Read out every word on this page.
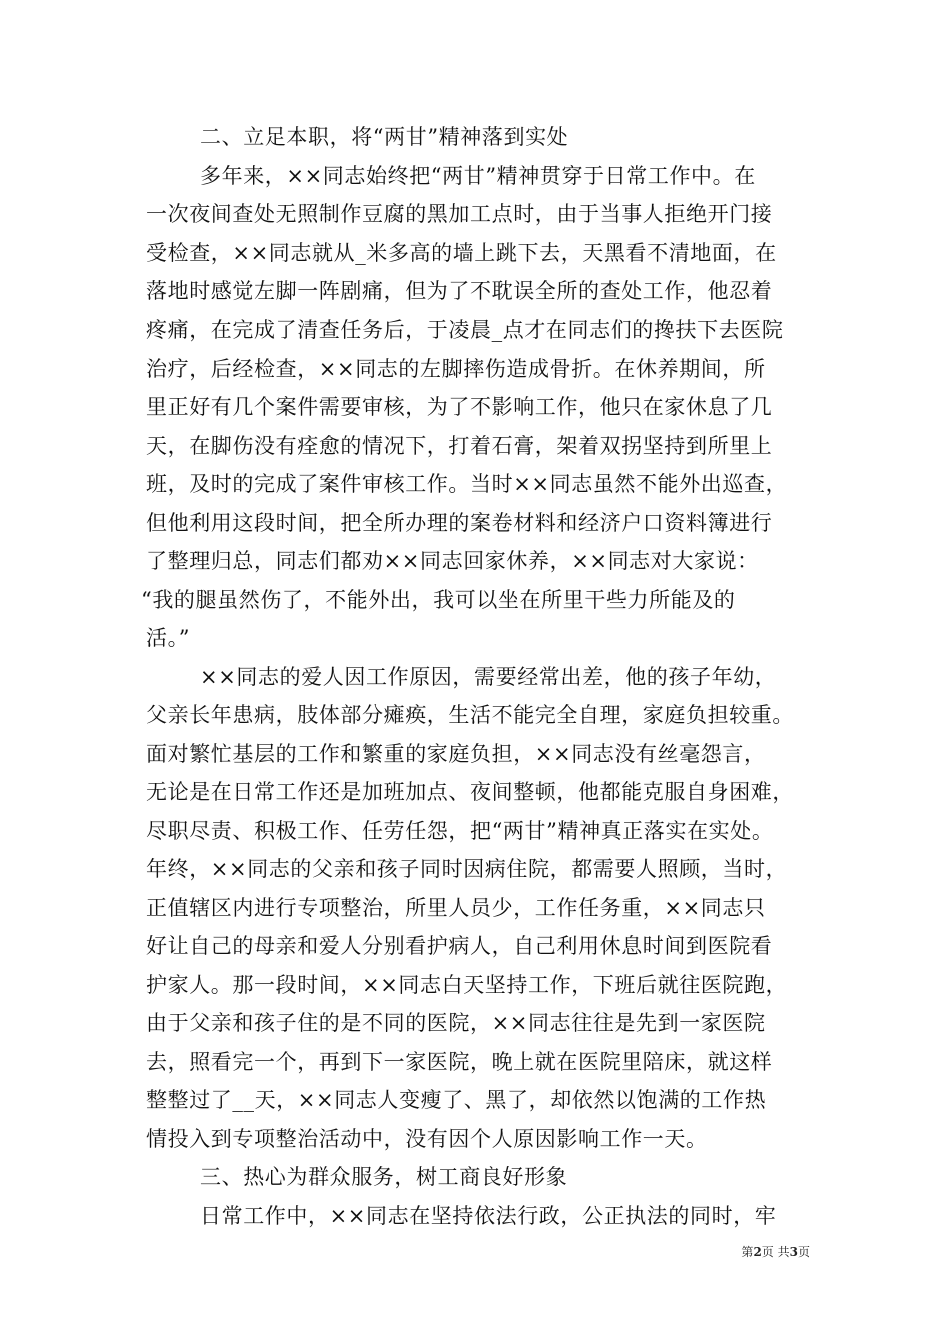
二、立足本职，将“两甘”精神落到实处
多年来，××同志始终把“两甘”精神贯穿于日常工作中。在
一次夜间查处无照制作豆腐的黑加工点时，由于当事人拒绝开门接
受检查，××同志就从_米多高的墙上跳下去，天黑看不清地面，在
落地时感觉左脚一阵剧痛，但为了不耽误全所的查处工作，他忍着
疼痛，在完成了清查任务后，于凌晨_点才在同志们的搀扶下去医院
治疗，后经检查，××同志的左脚摔伤造成骨折。在休养期间，所
里正好有几个案件需要审核，为了不影响工作，他只在家休息了几
天，在脚伤没有痊愈的情况下，打着石膏，架着双拐坚持到所里上
班，及时的完成了案件审核工作。当时××同志虽然不能外出巡查，
但他利用这段时间，把全所办理的案卷材料和经济户口资料簿进行
了整理归总，同志们都劝××同志回家休养，××同志对大家说：
“我的腿虽然伤了，不能外出，我可以坐在所里干些力所能及的
活。”
××同志的爱人因工作原因，需要经常出差，他的孩子年幼，
父亲长年患病，肢体部分瘫痪，生活不能完全自理，家庭负担较重。
面对繁忙基层的工作和繁重的家庭负担，××同志没有丝毫怨言，
无论是在日常工作还是加班加点、夜间整顿，他都能克服自身困难，
尽职尽责、积极工作、任劳任怨，把“两甘”精神真正落实在实处。
年终，××同志的父亲和孩子同时因病住院，都需要人照顾，当时，
正值辖区内进行专项整治，所里人员少，工作任务重，××同志只
好让自己的母亲和爱人分别看护病人，自己利用休息时间到医院看
护家人。那一段时间，××同志白天坚持工作，下班后就往医院跑，
由于父亲和孩子住的是不同的医院，××同志往往是先到一家医院
去，照看完一个，再到下一家医院，晚上就在医院里陪床，就这样
整整过了__天，××同志人变瘦了、黑了，却依然以饱满的工作热
情投入到专项整治活动中，没有因个人原因影响工作一天。
三、热心为群众服务，树工商良好形象
日常工作中，××同志在坚持依法行政，公正执法的同时，牢
第2页 共3页
